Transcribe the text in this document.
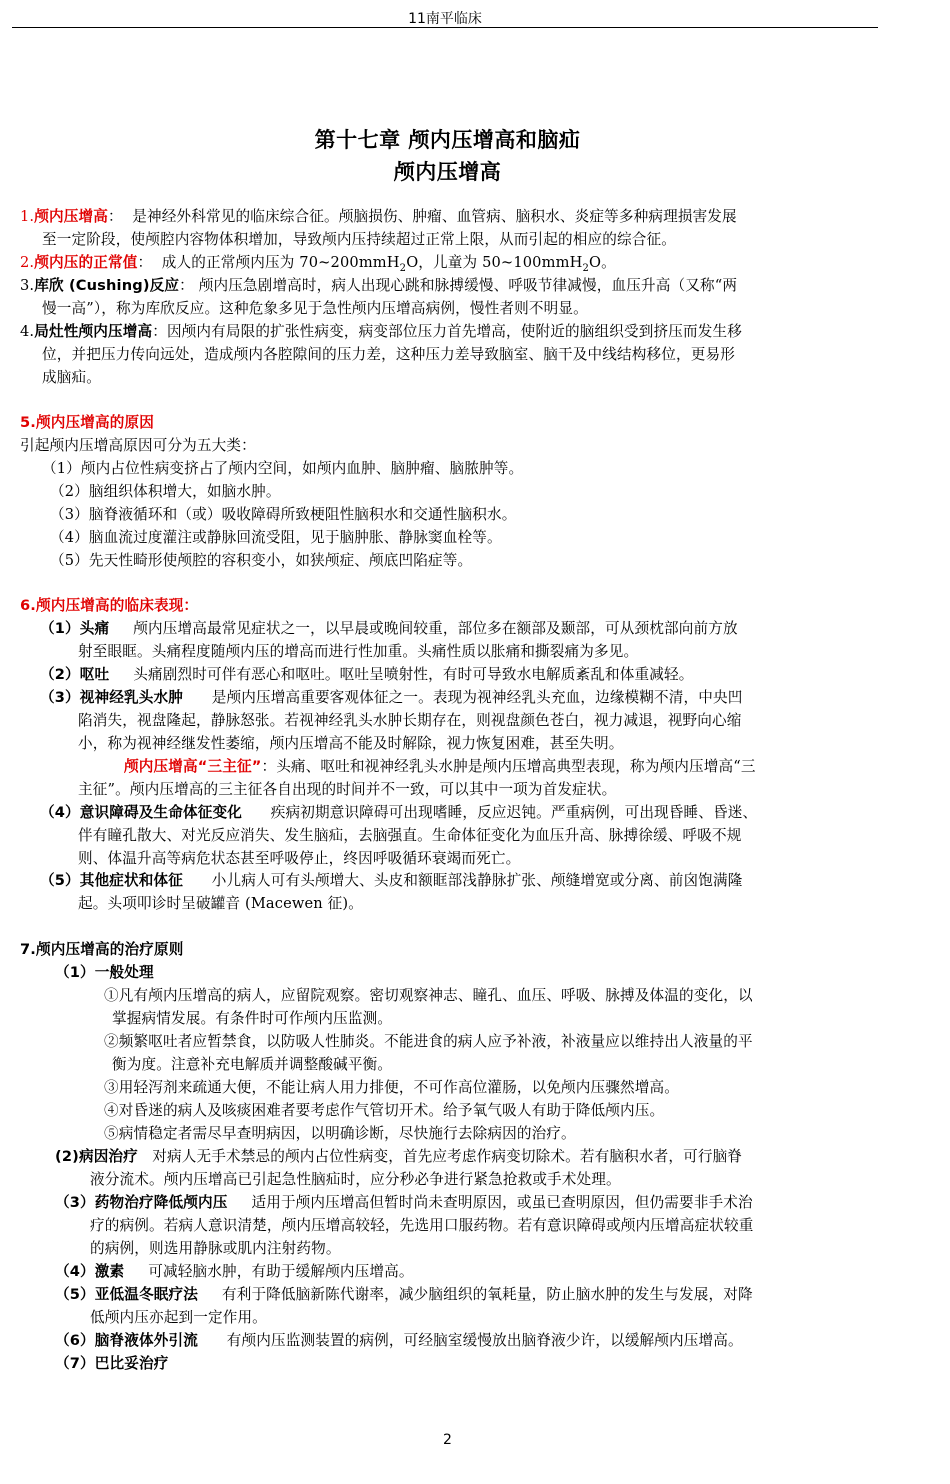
11南平临床
第十七章 颅内压增高和脑疝
颅内压增高
1.颅内压增高： 是神经外科常见的临床综合征。颅脑损伤、肿瘤、血管病、脑积水、炎症等多种病理损害发展
至一定阶段，使颅腔内容物体积增加，导致颅内压持续超过正常上限，从而引起的相应的综合征。
2.颅内压的正常值： 成人的正常颅内压为 70~200mmH$_2$O，儿童为 50~100mmH$_2$O。
3.库欣 (Cushing)反应： 颅内压急剧增高时，病人出现心跳和脉搏缓慢、呼吸节律减慢，血压升高（又称“两
慢一高”），称为库欣反应。这种危象多见于急性颅内压增高病例，慢性者则不明显。
4.局灶性颅内压增高：因颅内有局限的扩张性病变，病变部位压力首先增高，使附近的脑组织受到挤压而发生移
位，并把压力传向远处，造成颅内各腔隙间的压力差，这种压力差导致脑室、脑干及中线结构移位，更易形
成脑疝。
5.颅内压增高的原因
引起颅内压增高原因可分为五大类：
（1）颅内占位性病变挤占了颅内空间，如颅内血肿、脑肿瘤、脑脓肿等。
（2）脑组织体积增大，如脑水肿。
（3）脑脊液循环和（或）吸收障碍所致梗阻性脑积水和交通性脑积水。
（4）脑血流过度灌注或静脉回流受阻，见于脑肿胀、静脉窦血栓等。
（5）先天性畸形使颅腔的容积变小，如狭颅症、颅底凹陷症等。
6.颅内压增高的临床表现：
（1）头痛 颅内压增高最常见症状之一，以早晨或晚间较重，部位多在额部及颞部，可从颈枕部向前方放
射至眼眶。头痛程度随颅内压的增高而进行性加重。头痛性质以胀痛和撕裂痛为多见。
（2）呕吐 头痛剧烈时可伴有恶心和呕吐。呕吐呈喷射性，有时可导致水电解质紊乱和体重减轻。
（3）视神经乳头水肿 是颅内压增高重要客观体征之一。表现为视神经乳头充血，边缘模糊不清，中央凹
陷消失，视盘隆起，静脉怒张。若视神经乳头水肿长期存在，则视盘颜色苍白，视力减退，视野向心缩
小，称为视神经继发性萎缩，颅内压增高不能及时解除，视力恢复困难，甚至失明。
颅内压增高“三主征”：头痛、呕吐和视神经乳头水肿是颅内压增高典型表现，称为颅内压增高“三
主征”。颅内压增高的三主征各自出现的时间并不一致，可以其中一项为首发症状。
（4）意识障碍及生命体征变化 疾病初期意识障碍可出现嗜睡，反应迟钝。严重病例，可出现昏睡、昏迷、
伴有瞳孔散大、对光反应消失、发生脑疝，去脑强直。生命体征变化为血压升高、脉搏徐缓、呼吸不规
则、体温升高等病危状态甚至呼吸停止，终因呼吸循环衰竭而死亡。
（5）其他症状和体征 小儿病人可有头颅增大、头皮和额眶部浅静脉扩张、颅缝增宽或分离、前囟饱满隆
起。头项叩诊时呈破罐音 (Macewen 征)。
7.颅内压增高的治疗原则
（1）一般处理
①凡有颅内压增高的病人，应留院观察。密切观察神志、瞳孔、血压、呼吸、脉搏及体温的变化，以
掌握病情发展。有条件时可作颅内压监测。
②频繁呕吐者应暂禁食，以防吸人性肺炎。不能进食的病人应予补液，补液量应以维持出人液量的平
衡为度。注意补充电解质并调整酸碱平衡。
③用轻泻剂来疏通大便，不能让病人用力排便，不可作高位灌肠，以免颅内压骤然增高。
④对昏迷的病人及咳痰困难者要考虑作气管切开术。给予氧气吸人有助于降低颅内压。
⑤病情稳定者需尽早查明病因，以明确诊断，尽快施行去除病因的治疗。
(2)病因治疗 对病人无手术禁忌的颅内占位性病变，首先应考虑作病变切除术。若有脑积水者，可行脑脊
液分流术。颅内压增高已引起急性脑疝时，应分秒必争进行紧急抢救或手术处理。
（3）药物治疗降低颅内压 适用于颅内压增高但暂时尚未查明原因，或虽已查明原因，但仍需要非手术治
疗的病例。若病人意识清楚，颅内压增高较轻，先选用口服药物。若有意识障碍或颅内压增高症状较重
的病例，则选用静脉或肌内注射药物。
（4）激素 可减轻脑水肿，有助于缓解颅内压增高。
（5）亚低温冬眠疗法 有利于降低脑新陈代谢率，减少脑组织的氧耗量，防止脑水肿的发生与发展，对降
低颅内压亦起到一定作用。
（6）脑脊液体外引流 有颅内压监测装置的病例，可经脑室缓慢放出脑脊液少许，以缓解颅内压增高。
（7）巴比妥治疗
2
